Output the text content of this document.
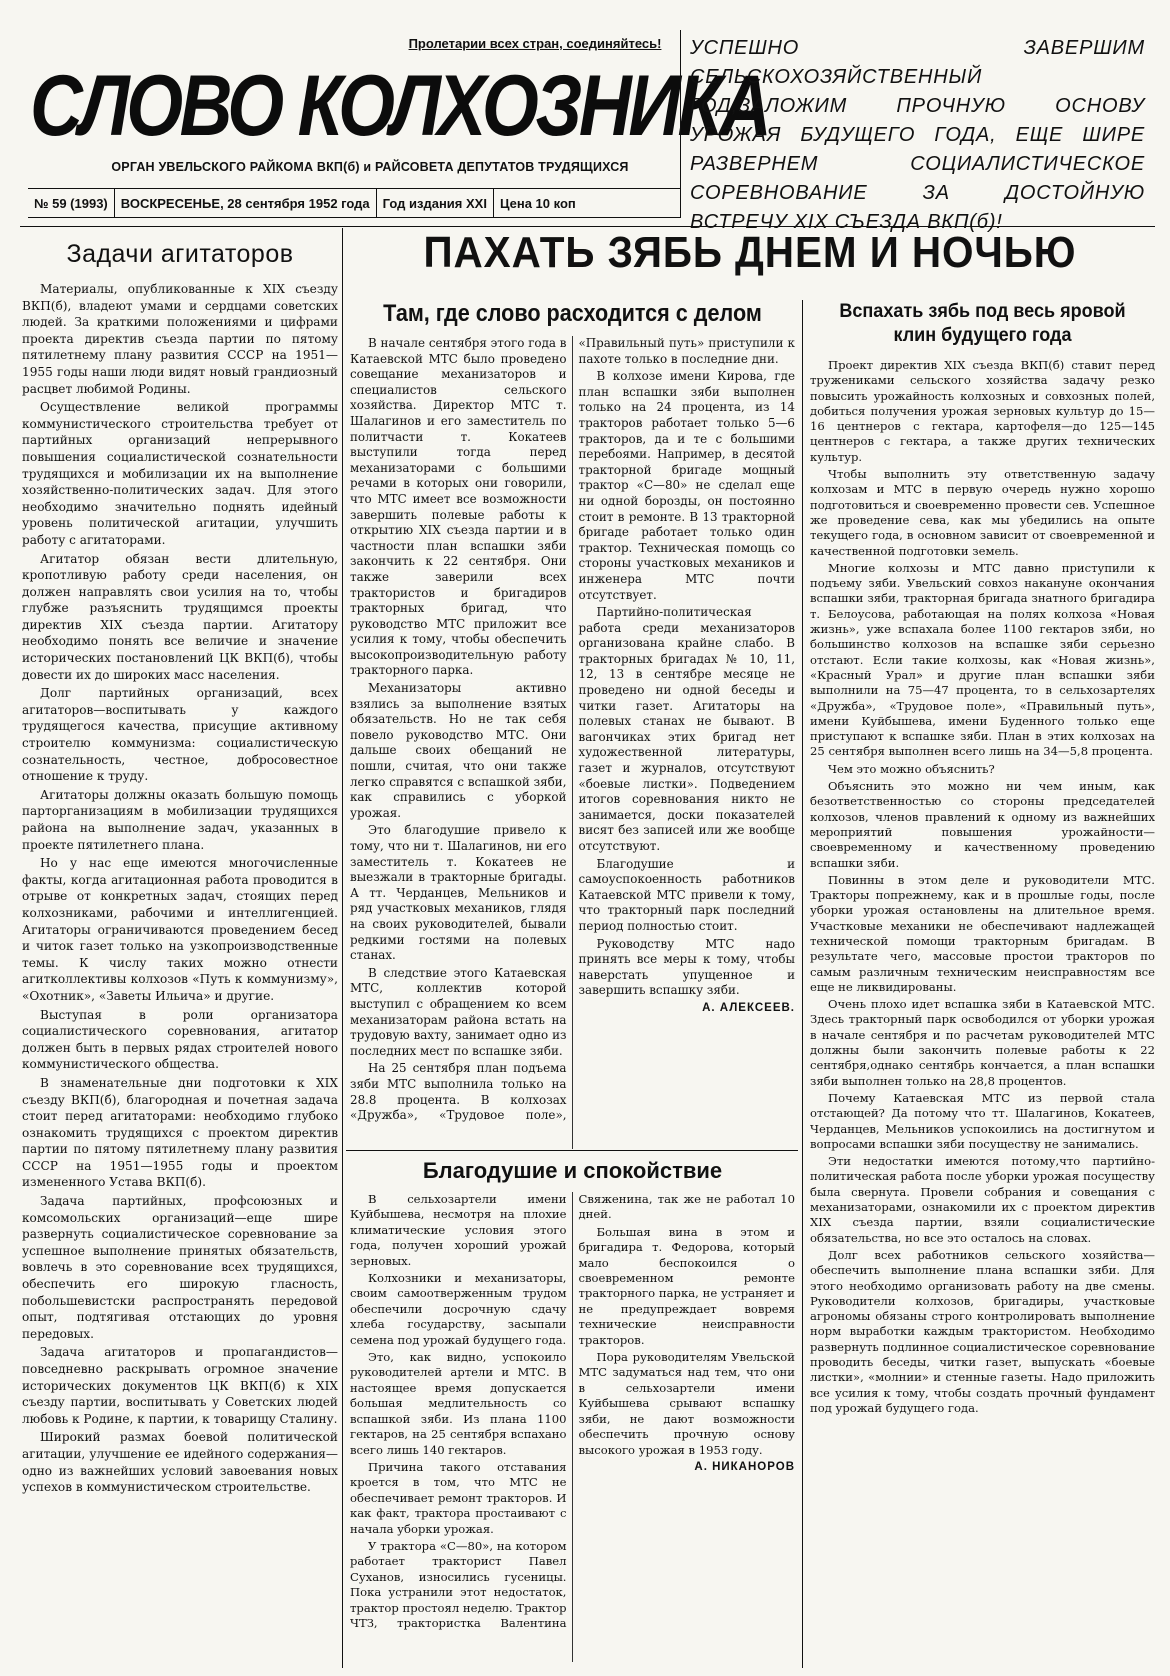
Пролетарии всех стран, соединяйтесь!
СЛОВО КОЛХОЗНИКА
ОРГАН УВЕЛЬСКОГО РАЙКОМА ВКП(б) и РАЙСОВЕТА ДЕПУТАТОВ ТРУДЯЩИХСЯ
№ 59 (1993)	ВОСКРЕСЕНЬЕ, 28 сентября 1952 года	Год издания XXI	Цена 10 коп
УСПЕШНО ЗАВЕРШИМ СЕЛЬСКОХОЗЯЙСТВЕННЫЙ ГОД,ЗАЛОЖИМ ПРОЧНУЮ ОСНОВУ УРОЖАЯ БУДУЩЕГО ГОДА, ЕЩЕ ШИРЕ РАЗВЕРНЕМ СОЦИАЛИСТИЧЕСКОЕ СОРЕВНОВАНИЕ ЗА ДОСТОЙНУЮ ВСТРЕЧУ XIX СЪЕЗДА ВКП(б)!
Задачи агитаторов

Материалы, опубликованные к XIX съезду ВКП(б), владеют умами и сердцами советских людей. За краткими положениями и цифрами проекта директив съезда партии по пятому пятилетнему плану развития СССР на 1951—1955 годы наши люди видят новый грандиозный расцвет любимой Родины.

Осуществление великой программы коммунистического строительства требует от партийных организаций непрерывного повышения социалистической сознательности трудящихся и мобилизации их на выполнение хозяйственно-политических задач. Для этого необходимо значительно поднять идейный уровень политической агитации, улучшить работу с агитаторами.

Агитатор обязан вести длительную, кропотливую работу среди населения, он должен направлять свои усилия на то, чтобы глубже разъяснить трудящимся проекты директив XIX съезда партии. Агитатору необходимо понять все величие и значение исторических постановлений ЦК ВКП(б), чтобы довести их до широких масс населения.

Долг партийных организаций, всех агитаторов—воспитывать у каждого трудящегося качества, присущие активному строителю коммунизма: социалистическую сознательность, честное, добросовестное отношение к труду.

Агитаторы должны оказать большую помощь парторганизациям в мобилизации трудящихся района на выполнение задач, указанных в проекте пятилетнего плана.

Но у нас еще имеются многочисленные факты, когда агитационная работа проводится в отрыве от конкретных задач, стоящих перед колхозниками, рабочими и интеллигенцией. Агитаторы ограничиваются проведением бесед и читок газет только на узкопроизводственные темы. К числу таких можно отнести агитколлективы колхозов «Путь к коммунизму», «Охотник», «Заветы Ильича» и другие.

Выступая в роли организатора социалистического соревнования, агитатор должен быть в первых рядах строителей нового коммунистического общества.

В знаменательные дни подготовки к XIX съезду ВКП(б), благородная и почетная задача стоит перед агитаторами: необходимо глубоко ознакомить трудящихся с проектом директив партии по пятому пятилетнему плану развития СССР на 1951—1955 годы и проектом измененного Устава ВКП(б).

Задача партийных, профсоюзных и комсомольских организаций—еще шире развернуть социалистическое соревнование за успешное выполнение принятых обязательств, вовлечь в это соревнование всех трудящихся, обеспечить его широкую гласность, побольшевистски распространять передовой опыт, подтягивая отстающих до уровня передовых.

Задача агитаторов и пропагандистов—повседневно раскрывать огромное значение исторических документов ЦК ВКП(б) к XIX съезду партии, воспитывать у Советских людей любовь к Родине, к партии, к товарищу Сталину.

Широкий размах боевой политической агитации, улучшение ее идейного содержания—одно из важнейших условий завоевания новых успехов в коммунистическом строительстве.

ПАХАТЬ ЗЯБЬ ДНЕМ И НОЧЬЮ
Там, где слово расходится с делом

В начале сентября этого года в Катаевской МТС было проведено совещание механизаторов и специалистов сельского хозяйства. Директор МТС т. Шалагинов и его заместитель по политчасти т. Кокатеев выступили тогда перед механизаторами с большими речами в которых они говорили, что МТС имеет все возможности завершить полевые работы к открытию XIX съезда партии и в частности план вспашки зяби закончить к 22 сентября. Они также заверили всех трактористов и бригадиров тракторных бригад, что руководство МТС приложит все усилия к тому, чтобы обеспечить высокопроизводительную работу тракторного парка.

Механизаторы активно взялись за выполнение взятых обязательств. Но не так себя повело руководство МТС. Они дальше своих обещаний не пошли, считая, что они также легко справятся с вспашкой зяби, как справились с уборкой урожая.

Это благодушие привело к тому, что ни т. Шалагинов, ни его заместитель т. Кокатеев не выезжали в тракторные бригады. А тт. Черданцев, Мельников и ряд участковых механиков, глядя на своих руководителей, бывали редкими гостями на полевых станах.

В следствие этого Катаевская МТС, коллектив которой выступил с обращением ко всем механизаторам района встать на трудовую вахту, занимает одно из последних мест по вспашке зяби.

На 25 сентября план подъема зяби МТС выполнила только на 28.8 процента. В колхозах «Дружба», «Трудовое поле», «Правильный путь» приступили к пахоте только в последние дни.

В колхозе имени Кирова, где план вспашки зяби выполнен только на 24 процента, из 14 тракторов работает только 5—6 тракторов, да и те с большими перебоями. Например, в десятой тракторной бригаде мощный трактор «С—80» не сделал еще ни одной борозды, он постоянно стоит в ремонте. В 13 тракторной бригаде работает только один трактор. Техническая помощь со стороны участковых механиков и инженера МТС почти отсутствует.

Партийно-политическая работа среди механизаторов организована крайне слабо. В тракторных бригадах № 10, 11, 12, 13 в сентябре месяце не проведено ни одной беседы и читки газет. Агитаторы на полевых станах не бывают. В вагончиках этих бригад нет художественной литературы, газет и журналов, отсутствуют «боевые листки». Подведением итогов соревнования никто не занимается, доски показателей висят без записей или же вообще отсутствуют.

Благодушие и самоуспокоенность работников Катаевской МТС привели к тому, что тракторный парк последний период полностью стоит.

Руководству МТС надо принять все меры к тому, чтобы наверстать упущенное и завершить вспашку зяби.

А. АЛЕКСЕЕВ.
Благодушие и спокойствие

В сельхозартели имени Куйбышева, несмотря на плохие климатические условия этого года, получен хороший урожай зерновых.

Колхозники и механизаторы, своим самоотверженным трудом обеспечили досрочную сдачу хлеба государству, засыпали семена под урожай будущего года.

Это, как видно, успокоило руководителей артели и МТС. В настоящее время допускается большая медлительность со вспашкой зяби. Из плана 1100 гектаров, на 25 сентября вспахано всего лишь 140 гектаров.

Причина такого отставания кроется в том, что МТС не обеспечивает ремонт тракторов. И как факт, трактора простаивают с начала уборки урожая.

У трактора «С—80», на котором работает тракторист Павел Суханов, износились гусеницы. Пока устранили этот недостаток, трактор простоял неделю. Трактор ЧТЗ, трактористка Валентина Свяженина, так же не работал 10 дней.

Большая вина в этом и бригадира т. Федорова, который мало беспокоился о своевременном ремонте тракторного парка, не устраняет и не предупреждает вовремя технические неисправности тракторов.

Пора руководителям Увельской МТС задуматься над тем, что они в сельхозартели имени Куйбышева срывают вспашку зяби, не дают возможности обеспечить прочную основу высокого урожая в 1953 году.

А. НИКАНОРОВ
Вспахать зябь под весь яровой клин будущего года

Проект директив XIX съезда ВКП(б) ставит перед тружениками сельского хозяйства задачу резко повысить урожайность колхозных и совхозных полей, добиться получения урожая зерновых культур до 15—16 центнеров с гектара, картофеля—до 125—145 центнеров с гектара, а также других технических культур.

Чтобы выполнить эту ответственную задачу колхозам и МТС в первую очередь нужно хорошо подготовиться и своевременно провести сев. Успешное же проведение сева, как мы убедились на опыте текущего года, в основном зависит от своевременной и качественной подготовки земель.

Многие колхозы и МТС давно приступили к подъему зяби. Увельский совхоз накануне окончания вспашки зяби, тракторная бригада знатного бригадира т. Белоусова, работающая на полях колхоза «Новая жизнь», уже вспахала более 1100 гектаров зяби, но большинство колхозов на вспашке зяби серьезно отстают. Если такие колхозы, как «Новая жизнь», «Красный Урал» и другие план вспашки зяби выполнили на 75—47 процента, то в сельхозартелях «Дружба», «Трудовое поле», «Правильный путь», имени Куйбышева, имени Буденного только еще приступают к вспашке зяби. План в этих колхозах на 25 сентября выполнен всего лишь на 34—5,8 процента.

Чем это можно объяснить?

Объяснить это можно ни чем иным, как безответственностью со стороны председателей колхозов, членов правлений к одному из важнейших мероприятий повышения урожайности—своевременному и качественному проведению вспашки зяби.

Повинны в этом деле и руководители МТС. Тракторы попрежнему, как и в прошлые годы, после уборки урожая остановлены на длительное время. Участковые механики не обеспечивают надлежащей технической помощи тракторным бригадам. В результате чего, массовые простои тракторов по самым различным техническим неисправностям все еще не ликвидированы.

Очень плохо идет вспашка зяби в Катаевской МТС. Здесь тракторный парк освободился от уборки урожая в начале сентября и по расчетам руководителей МТС должны были закончить полевые работы к 22 сентября,однако сентябрь кончается, а план вспашки зяби выполнен только на 28,8 процентов.

Почему Катаевская МТС из первой стала отстающей? Да потому что тт. Шалагинов, Кокатеев, Черданцев, Мельников успокоились на достигнутом и вопросами вспашки зяби посуществу не занимались.

Эти недостатки имеются потому,что партийно-политическая работа после уборки урожая посуществу была свернута. Провели собрания и совещания с механизаторами, ознакомили их с проектом директив XIX съезда партии, взяли социалистические обязательства, но все это осталось на словах.

Долг всех работников сельского хозяйства—обеспечить выполнение плана вспашки зяби. Для этого необходимо организовать работу на две смены. Руководители колхозов, бригадиры, участковые агрономы обязаны строго контролировать выполнение норм выработки каждым трактористом. Необходимо развернуть подлинное социалистическое соревнование проводить беседы, читки газет, выпускать «боевые листки», «молнии» и стенные газеты. Надо приложить все усилия к тому, чтобы создать прочный фундамент под урожай будущего года.
